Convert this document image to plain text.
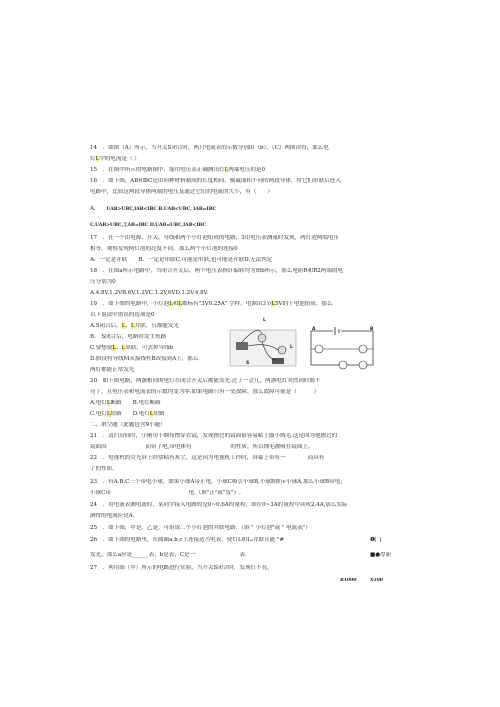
14　．如图（A）所示，当开关S闭合时，两只电流表的示数分别由（b）、（C）两图读得，那么电
灯L中的电流是（ ）
15　．在图中所示的电路图中，能用电压表正确测出灯L两端电压的是0
16　．如下图，AB和BC是由同种材料制成的长度相同、横截面积不同的两段导体，将它们串联后连入
电路中，比较这两段导体两端的电压及通过它们的电流的大小，有（　　）
A． UAB>UBC,lAB<IBC B.UAB<UBC, IAB=IBC
C.UAB>UBC,工AB=IBC D.UAB=UBC,IAB<IBC
17　．在一个由电源、开关、导线和两个小灯泡组成的电路，3用电压表测量时发现，两灯泡两端电压
相等，观察发现两灯泡的亮度不同．那么两个小灯泡的连接0
A．一定是并联　　B．一定是串联C.可能是串联,也可能是并联D.无法判定
18　．在图a所示电路中，当闭合开关后，两个电压表指针偏转均为图b所示，那么电阻R和R2两端的电
压分别为0
A.4.8V,1.2VB.6V,1.2VC.1.2V,6VD.1.2V,4.8V.
19　．如下图的电路中，小灯泡L和L都标有"3V0.25A" 字样，电源由3节L5V的干电池组成．那么
以下说法中错误的选项是0
A.S闭合后，L、L并联，且都能发光
B.　S闭合后，电路将发生短路
C.要想使L、L串联，可去掉导线b
D.假设将导线M从接线柱B改接到A上，那么
两灯都能正常发光
L
L
S
A	B
20．如下图电路，两盏相同的电灯在闭合开关后都能发光.过了一会儿，两盏电灯突然同时都不
亮了，且电压表和电流表的示数均变为零.如果电路只有一处故障，那么故障可能是（　　　）
A.电灯L断路　　B.电灯断路
C.电灯L短路　　D.电灯L短路
二、填空题（此题包含9小题）
21　．清扫房间时，小刚用干绸布擦穿衣镜，发现擦过的镜面很容易粘上细小绒毛.这是因为他擦过的
镜面因　　　　　　　而带了电,带电体有　　　　　　　的性质，所以绒毛被吸在镜面上。
22　．电视机的荧光屏上经常粘有灰尘，这是因为电视机工作时，屏幕上带有一　　　　而具有
了的性质。
23　．有A.B.C三个带电小球，如果小球A带正电，小球C吸引小球B,小球B排斥小球A,那么小球B带电；
小球C带　　　　　　　　　　　　　　电.（填"正"或"负"）.
24　．用电流表测电流时，某同学接入电路的是0~0.6A的量程，却在0~3A的量程中读成2.4A,那么实际
测得的电流应是A.
25　．如下图，甲是，乙是，可组成二个小灯泡的并联电路．（填 " 小灯泡"或 " 电流表"）
26　．如下图的电路里，在圆圈a,b,c上连接适当电表，使灯L和L₂并联且能 "#	❶⎸⎸
发光，那么a应是______表；b是表；C是一　　　　　　　　表．	■●厚新
27　．利用图（甲）所示的电路进行实验，当开关S闭合时，发现灯不亮，
R1000　　　X100
